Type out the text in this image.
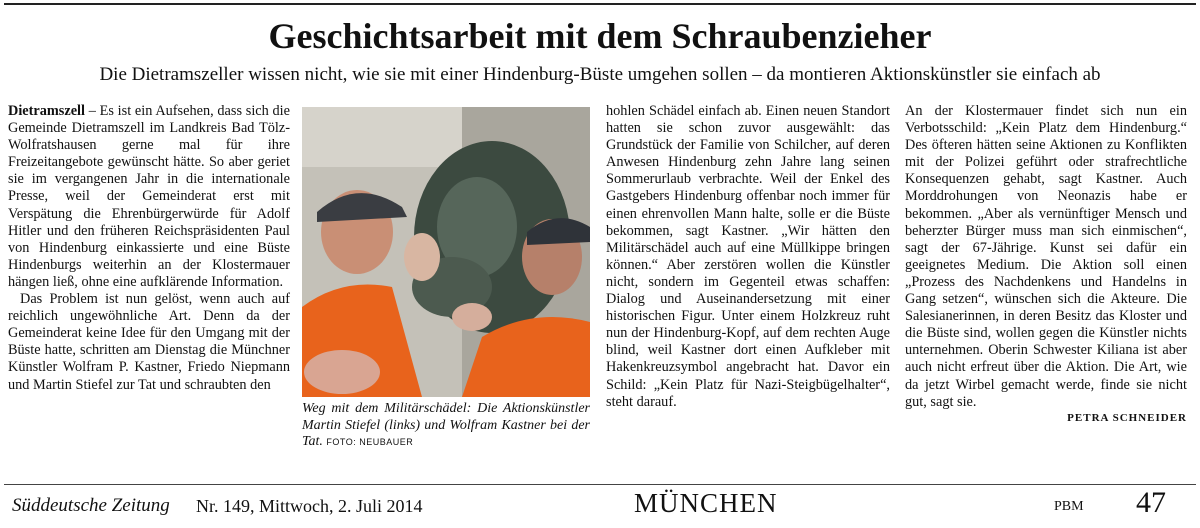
Geschichtsarbeit mit dem Schraubenzieher
Die Dietramszeller wissen nicht, wie sie mit einer Hindenburg-Büste umgehen sollen – da montieren Aktionskünstler sie einfach ab

Dietramszell – Es ist ein Aufsehen, dass sich die Gemeinde Dietramszell im Landkreis Bad Tölz-Wolfratshausen gerne mal für ihre Freizeitangebote gewünscht hätte. So aber geriet sie im vergangenen Jahr in die internationale Presse, weil der Gemeinderat erst mit Verspätung die Ehrenbürgerwürde für Adolf Hitler und den früheren Reichspräsidenten Paul von Hindenburg einkassierte und eine Büste Hindenburgs weiterhin an der Klostermauer hängen ließ, ohne eine aufklärende Information.

Das Problem ist nun gelöst, wenn auch auf reichlich ungewöhnliche Art. Denn da der Gemeinderat keine Idee für den Umgang mit der Büste hatte, schritten am Dienstag die Münchner Künstler Wolfram P. Kastner, Friedo Niepmann und Martin Stiefel zur Tat und schraubten den

Weg mit dem Militärschädel: Die Aktionskünstler Martin Stiefel (links) und Wolfram Kastner bei der Tat. FOTO: NEUBAUER

hohlen Schädel einfach ab. Einen neuen Standort hatten sie schon zuvor ausgewählt: das Grundstück der Familie von Schilcher, auf deren Anwesen Hindenburg zehn Jahre lang seinen Sommerurlaub verbrachte. Weil der Enkel des Gastgebers Hindenburg offenbar noch immer für einen ehrenvollen Mann halte, solle er die Büste bekommen, sagt Kastner. „Wir hätten den Militärschädel auch auf eine Müllkippe bringen können.“ Aber zerstören wollen die Künstler nicht, sondern im Gegenteil etwas schaffen: Dialog und Auseinandersetzung mit einer historischen Figur. Unter einem Holzkreuz ruht nun der Hindenburg-Kopf, auf dem rechten Auge blind, weil Kastner dort einen Aufkleber mit Hakenkreuzsymbol angebracht hat. Davor ein Schild: „Kein Platz für Nazi-Steigbügelhalter“, steht darauf.

An der Klostermauer findet sich nun ein Verbotsschild: „Kein Platz dem Hindenburg.“ Des öfteren hätten seine Aktionen zu Konflikten mit der Polizei geführt oder strafrechtliche Konsequenzen gehabt, sagt Kastner. Auch Morddrohungen von Neonazis habe er bekommen. „Aber als vernünftiger Mensch und beherzter Bürger muss man sich einmischen“, sagt der 67-Jährige. Kunst sei dafür ein geeignetes Medium. Die Aktion soll einen „Prozess des Nachdenkens und Handelns in Gang setzen“, wünschen sich die Akteure. Die Salesianerinnen, in deren Besitz das Kloster und die Büste sind, wollen gegen die Künstler nichts unternehmen. Oberin Schwester Kiliana ist aber auch nicht erfreut über die Aktion. Die Art, wie da jetzt Wirbel gemacht werde, finde sie nicht gut, sagt sie.

PETRA SCHNEIDER
Süddeutsche Zeitung Nr. 149, Mittwoch, 2. Juli 2014	MÜNCHEN	PBM 47
